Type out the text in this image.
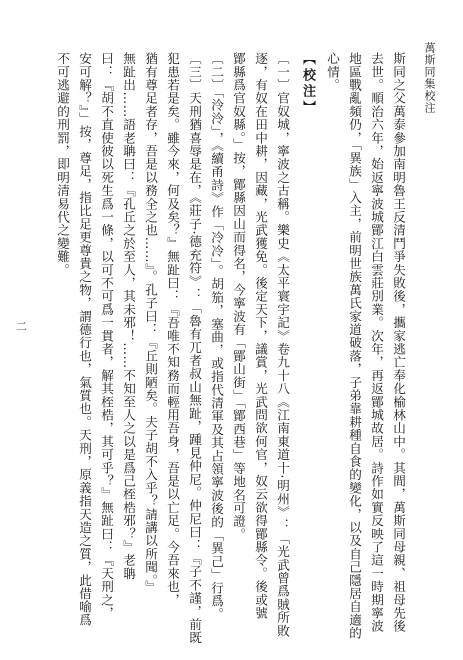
萬斯同集校注
二	斯同之父萬泰參加南明魯王反清鬥爭失敗後，攜家逃亡奉化榆林山中。其間，萬斯同母親、祖母先後

去世。順治六年，始返寧波城鄮江白雲莊別業。次年，再返鄮城故居。詩作如實反映了這一時期寧波

地區戰亂頻仍，「異族」入主，前明世族萬氏家道破落，子弟靠耕種自食的變化，以及自己隱居自適的

心情。

【校注】

〔一〕官奴城，寧波之古稱。樂史《太平寰宇記》卷九十八《江南東道十·明州》：「光武曾爲賊所敗

逐，有奴在田中耕，因藏，光武獲免。後定天下，議賞，光武問欲何官，奴云欲得鄮縣令。後或號

鄮縣爲官奴縣。」按，鄮縣因山而得名，今寧波有「鄮山街」「鄮西巷」等地名可證。

〔二〕「泠泠」，《續甬詩》作「冷冷」。胡笳，塞曲，或指代清軍及其占領寧波後的「異己」行爲。

〔三〕天刑猶喜辱是在，《莊子·德充符》：「魯有兀者叔山無趾，踵見仲尼。仲尼曰：『子不謹，前既

犯患若是矣。雖今來，何及矣？』無趾曰：『吾唯不知務而輕用吾身，吾是以亡足。今吾來也，

猶有尊足者存，吾是以務全之也……』。孔子曰：『丘則陋矣。夫子胡不入乎？請講以所聞。』

無趾出……語老聃曰：『孔丘之於至人，其未邪！……不知至人之以是爲己桎梏邪？』老聃

曰：『胡不直使彼以死生爲一條，以可不可爲一貫者，解其桎梏，其可乎？』無趾曰：『天刑之，

安可解？』」按，尊足，指比足更尊貴之物，謂德行也，氣質也。天刑，原義指天造之質，此借喻爲

不可逃避的刑罰，即明清易代之變難。
